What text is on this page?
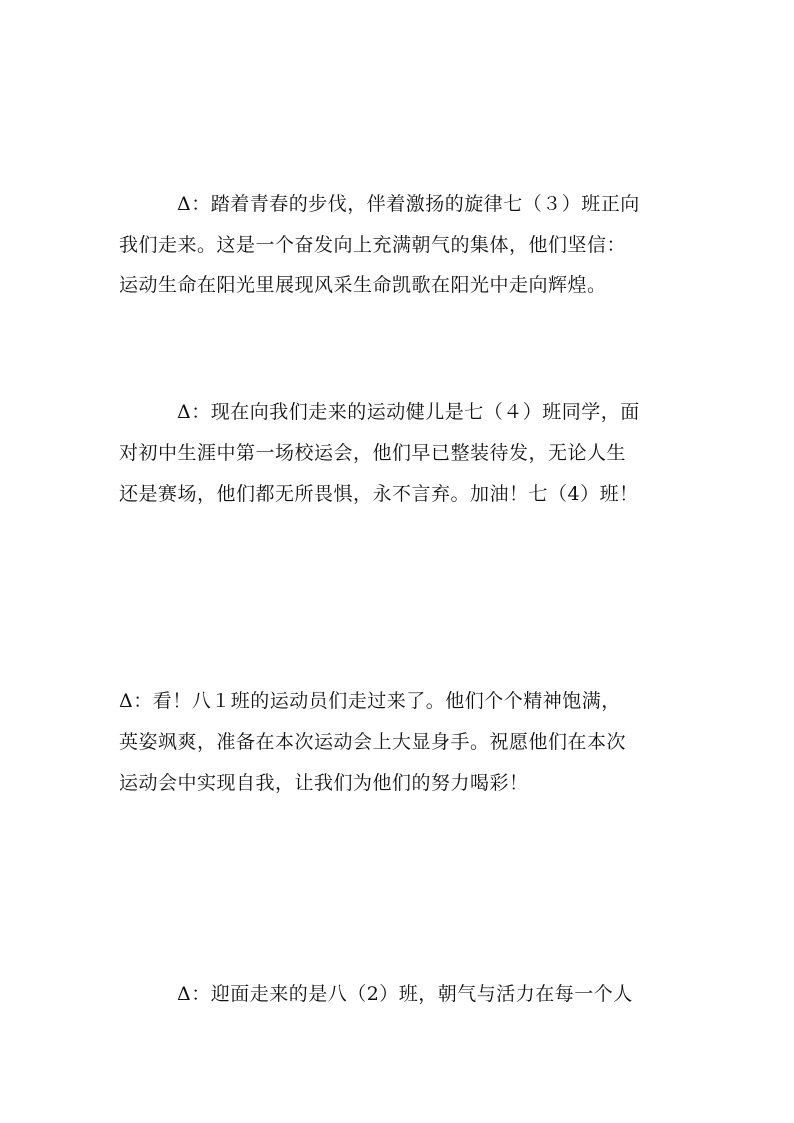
Δ：踏着青春的步伐，伴着激扬的旋律七（３）班正向
我们走来。这是一个奋发向上充满朝气的集体，他们坚信：
运动生命在阳光里展现风采生命凯歌在阳光中走向辉煌。
Δ：现在向我们走来的运动健儿是七（４）班同学，面
对初中生涯中第一场校运会，他们早已整装待发，无论人生
还是赛场，他们都无所畏惧，永不言弃。加油！七（4）班！
Δ：看！八１班的运动员们走过来了。他们个个精神饱满，
英姿飒爽，准备在本次运动会上大显身手。祝愿他们在本次
运动会中实现自我，让我们为他们的努力喝彩！
Δ：迎面走来的是八（2）班，朝气与活力在每一个人
